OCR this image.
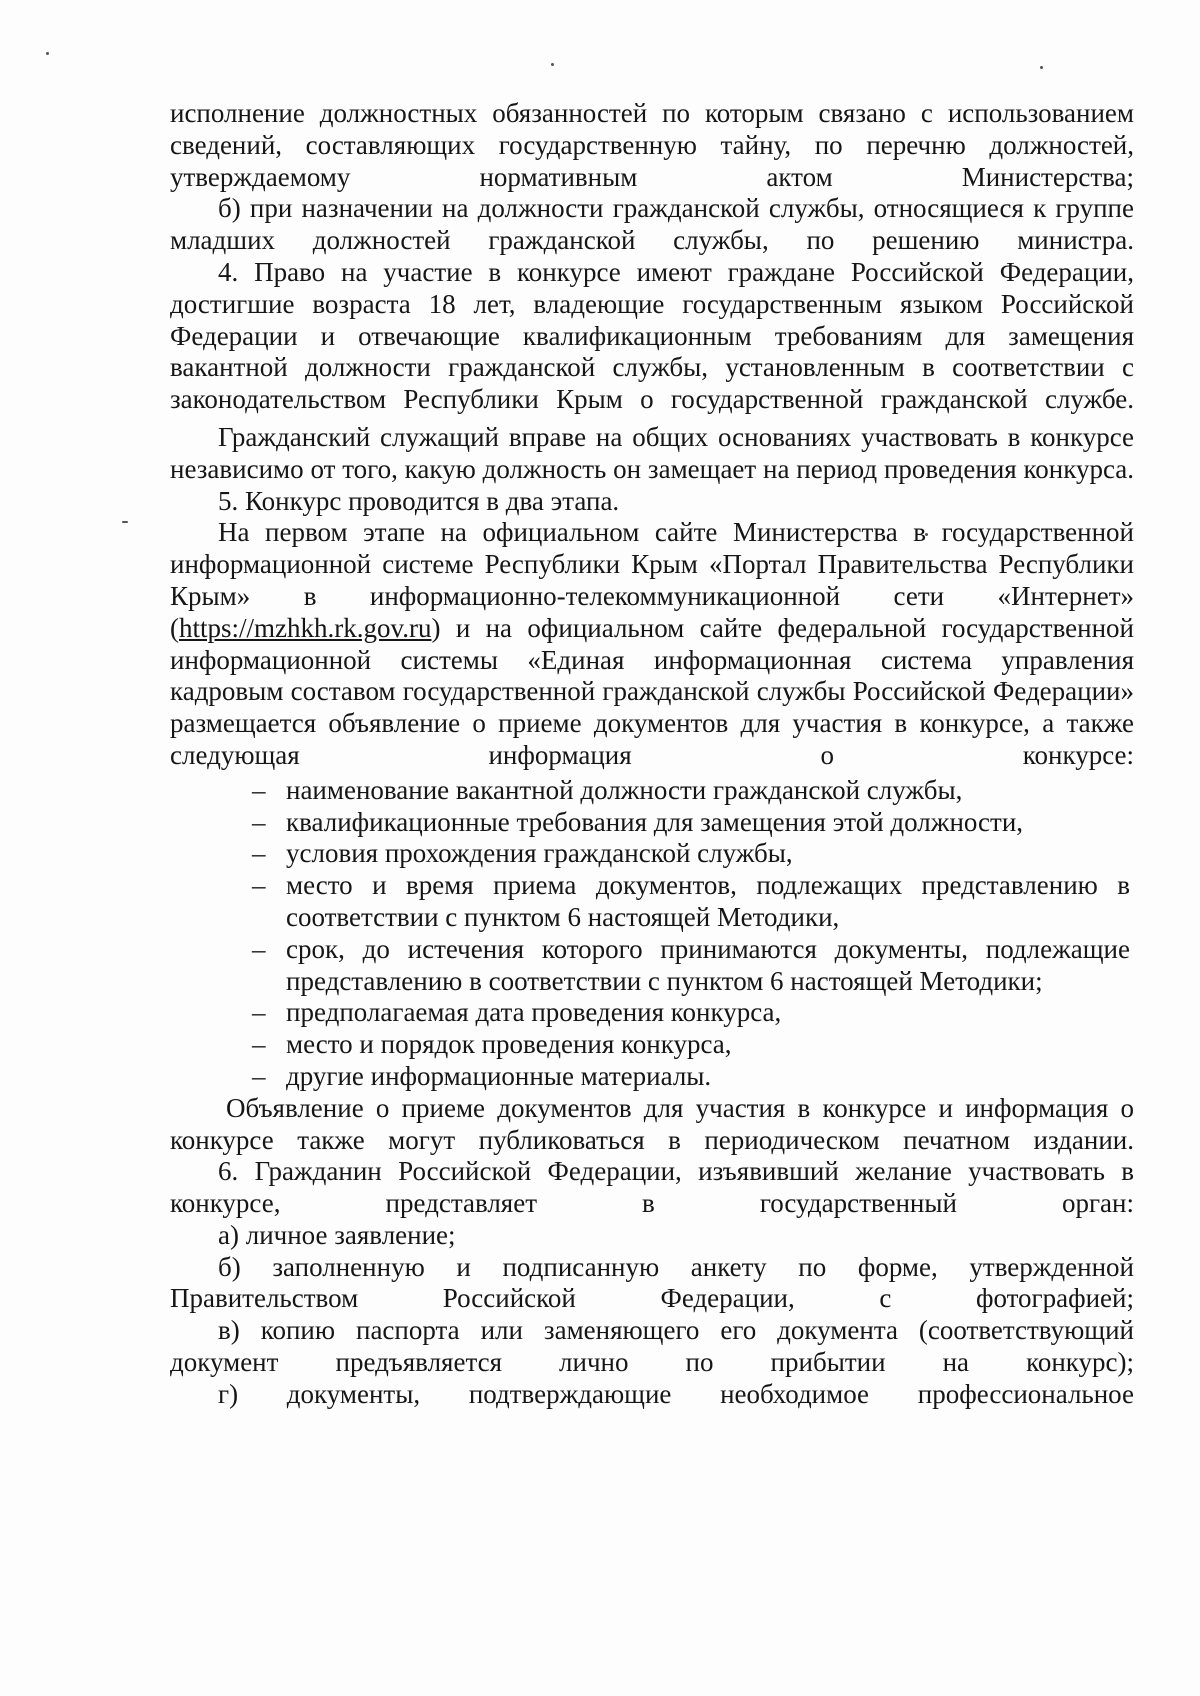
исполнение должностных обязанностей по которым связано с использованием сведений, составляющих государственную тайну, по перечню должностей, утверждаемому нормативным актом Министерства;

б) при назначении на должности гражданской службы, относящиеся к группе младших должностей гражданской службы, по решению министра.

4. Право на участие в конкурсе имеют граждане Российской Федерации, достигшие возраста 18 лет, владеющие государственным языком Российской Федерации и отвечающие квалификационным требованиям для замещения вакантной должности гражданской службы, установленным в соответствии с законодательством Республики Крым о государственной гражданской службе.

Гражданский служащий вправе на общих основаниях участвовать в конкурсе независимо от того, какую должность он замещает на период проведения конкурса.

5. Конкурс проводится в два этапа.

На первом этапе на официальном сайте Министерства в государственной информационной системе Республики Крым «Портал Правительства Республики Крым» в информационно-телекоммуникационной сети «Интернет» (https://mzhkh.rk.gov.ru) и на официальном сайте федеральной государственной информационной системы «Единая информационная система управления кадровым составом государственной гражданской службы Российской Федерации» размещается объявление о приеме документов для участия в конкурсе, а также следующая информация о конкурсе:

– наименование вакантной должности гражданской службы,
– квалификационные требования для замещения этой должности,
– условия прохождения гражданской службы,
– место и время приема документов, подлежащих представлению в соответствии с пунктом 6 настоящей Методики,
– срок, до истечения которого принимаются документы, подлежащие представлению в соответствии с пунктом 6 настоящей Методики;
– предполагаемая дата проведения конкурса,
– место и порядок проведения конкурса,
– другие информационные материалы.

Объявление о приеме документов для участия в конкурсе и информация о конкурсе также могут публиковаться в периодическом печатном издании.

6. Гражданин Российской Федерации, изъявивший желание участвовать в конкурсе, представляет в государственный орган:

а) личное заявление;

б) заполненную и подписанную анкету по форме, утвержденной Правительством Российской Федерации, с фотографией;

в) копию паспорта или заменяющего его документа (соответствующий документ предъявляется лично по прибытии на конкурс);

г) документы, подтверждающие необходимое профессиональное
